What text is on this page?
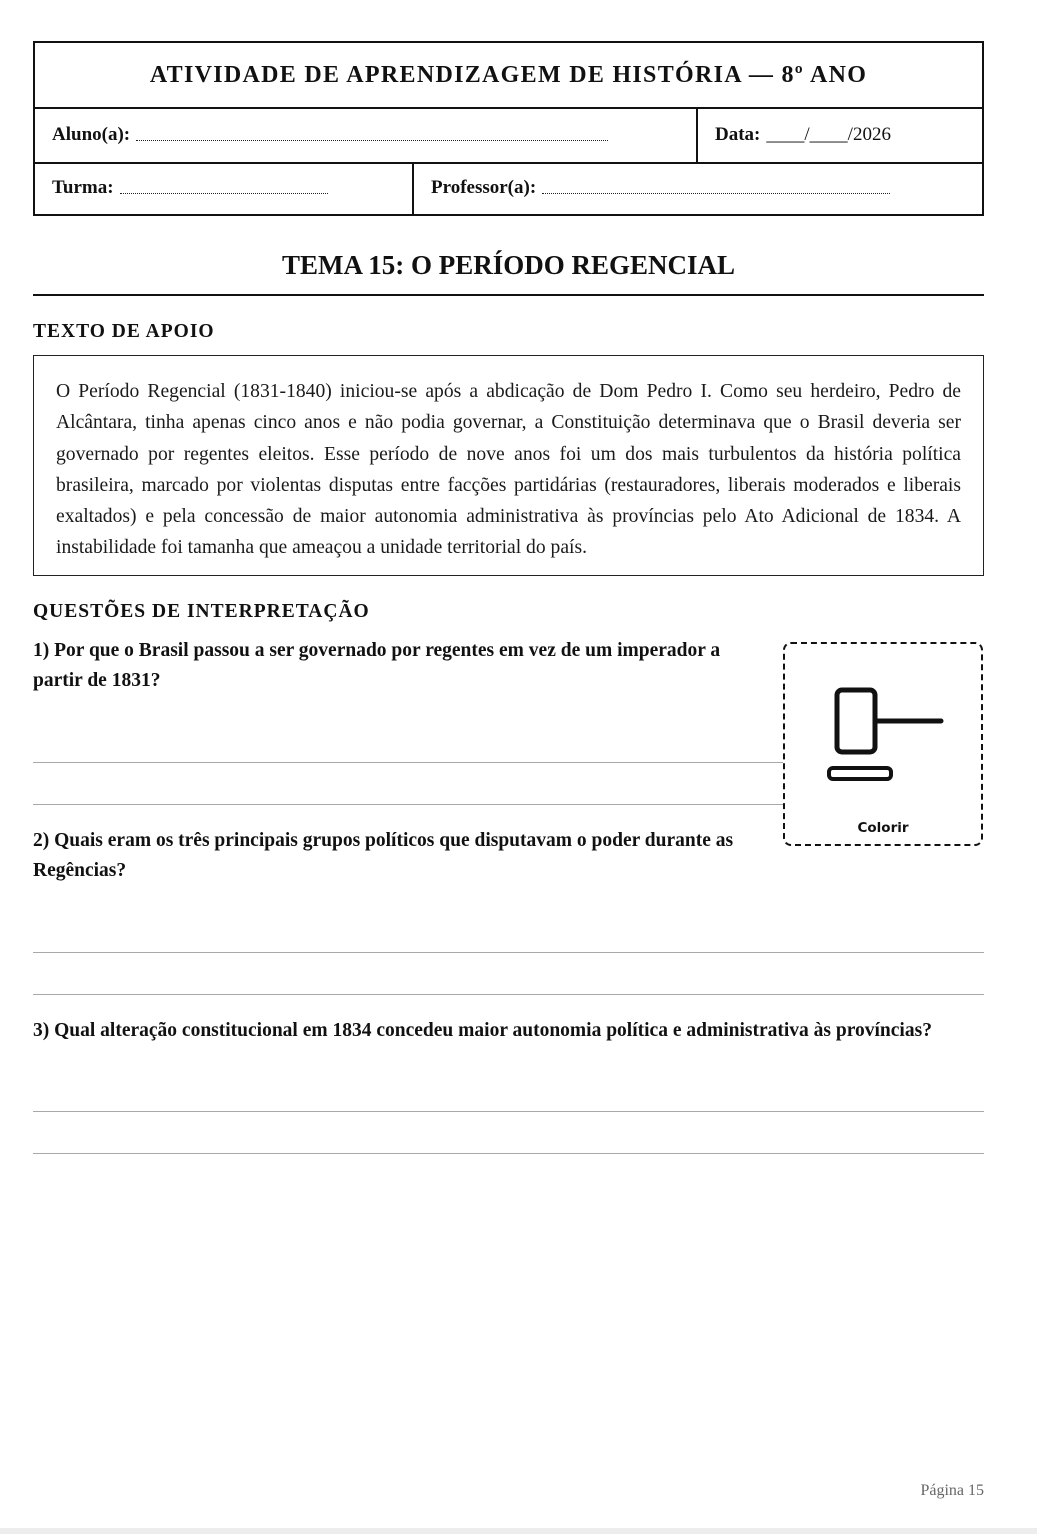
ATIVIDADE DE APRENDIZAGEM DE HISTÓRIA — 8º ANO
Aluno(a):	Data: ____/____/2026
Turma:	Professor(a):
TEMA 15: O PERÍODO REGENCIAL
TEXTO DE APOIO
O Período Regencial (1831-1840) iniciou-se após a abdicação de Dom Pedro I. Como seu herdeiro, Pedro de Alcântara, tinha apenas cinco anos e não podia governar, a Constituição determinava que o Brasil deveria ser governado por regentes eleitos. Esse período de nove anos foi um dos mais turbulentos da história política brasileira, marcado por violentas disputas entre facções partidárias (restauradores, liberais moderados e liberais exaltados) e pela concessão de maior autonomia administrativa às províncias pelo Ato Adicional de 1834. A instabilidade foi tamanha que ameaçou a unidade territorial do país.
QUESTÕES DE INTERPRETAÇÃO
1) Por que o Brasil passou a ser governado por regentes em vez de um imperador a partir de 1831?
2) Quais eram os três principais grupos políticos que disputavam o poder durante as Regências?
3) Qual alteração constitucional em 1834 concedeu maior autonomia política e administrativa às províncias?
Colorir
Página 15
